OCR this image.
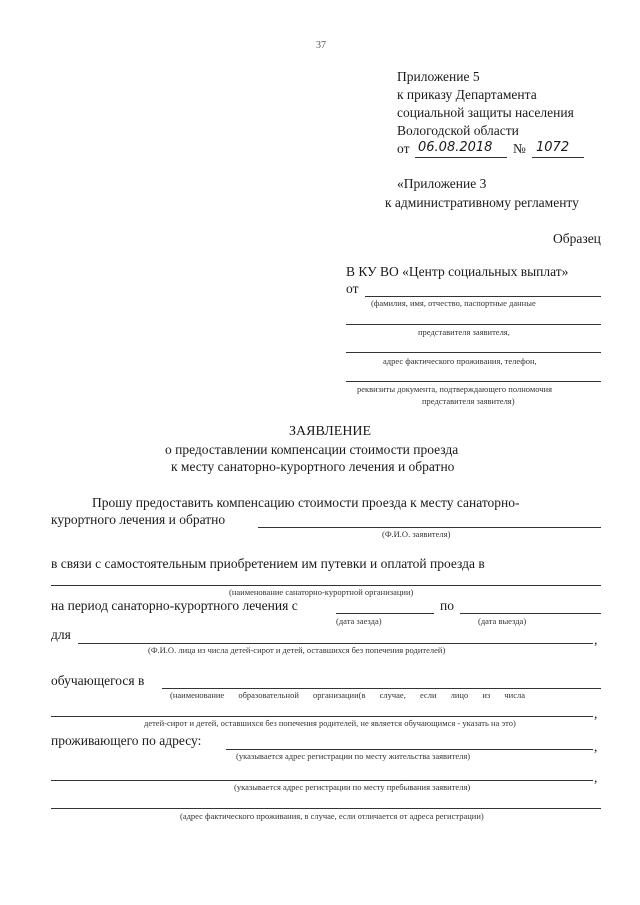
37
Приложение 5
к приказу Департамента
социальной защиты населения
Вологодской области
от 06.08.2018 № 1072
«Приложение 3
к административному регламенту
Образец
В КУ ВО «Центр социальных выплат»
от
(фамилия, имя, отчество, паспортные данные
представителя заявителя,
адрес фактического проживания, телефон,
реквизиты документа, подтверждающего полномочия
представителя заявителя)
ЗАЯВЛЕНИЕ
о предоставлении компенсации стоимости проезда
к месту санаторно-курортного лечения и обратно
Прошу предоставить компенсацию стоимости проезда к месту санаторно-
курортного лечения и обратно
(Ф.И.О. заявителя)
в связи с самостоятельным приобретением им путевки и оплатой проезда в
(наименование санаторно-курортной организации)
на период санаторно-курортного лечения с	по
(дата заезда)	(дата выезда)
для	,
(Ф.И.О. лица из числа детей-сирот и детей, оставшихся без попечения родителей)
обучающегося в
(наименование образовательной организации(в случае, если лицо из числа
,
детей-сирот и детей, оставшихся без попечения родителей, не является обучающимся - указать на это)
проживающего по адресу:	,
(указывается адрес регистрации по месту жительства заявителя)
,
(указывается адрес регистрации по месту пребывания заявителя)
(адрес фактического проживания, в случае, если отличается от адреса регистрации)
